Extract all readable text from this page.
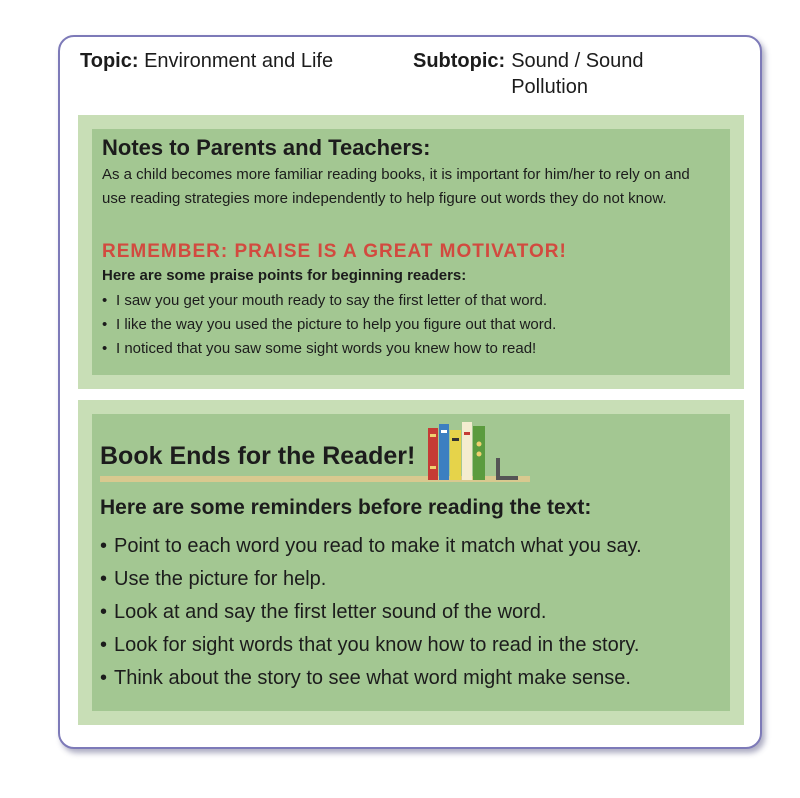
Topic: Environment and Life	Subtopic: Sound / Sound Pollution
Notes to Parents and Teachers:
As a child becomes more familiar reading books, it is important for him/her to rely on and use reading strategies more independently to help figure out words they do not know.
REMEMBER: PRAISE IS A GREAT MOTIVATOR!
Here are some praise points for beginning readers:
• I saw you get your mouth ready to say the first letter of that word.
• I like the way you used the picture to help you figure out that word.
• I noticed that you saw some sight words you knew how to read!
Book Ends for the Reader!
Here are some reminders before reading the text:
• Point to each word you read to make it match what you say.
• Use the picture for help.
• Look at and say the first letter sound of the word.
• Look for sight words that you know how to read in the story.
• Think about the story to see what word might make sense.
